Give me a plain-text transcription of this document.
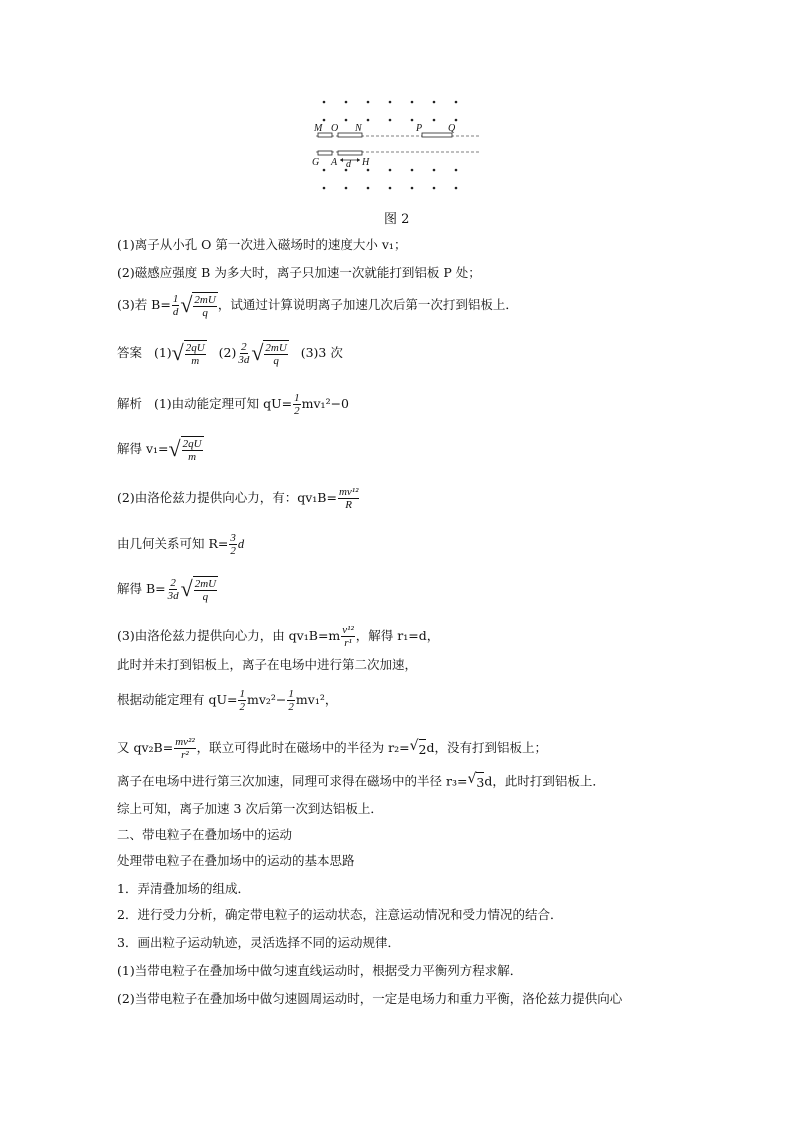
M O N	P	Q
G A d H
图 2
(1)离子从小孔 O 第一次进入磁场时的速度大小 v₁；
(2)磁感应强度 B 为多大时，离子只加速一次就能打到铝板 P 处；
(3)若 $B= \frac{1}{d}$ √ $\frac{2mU}{q}$ ，试通过计算说明离子加速几次后第一次打到铝板上．
答案 (1) √ $\frac{2qU}{m} (2) \frac{2}{3d}$ √ $\frac{2mU}{q} (3)3$ 次
解析 (1)由动能定理可知 $qU= \frac{1}{2} mv_1^2-0$
解得 v₁= √ $\frac{2qU}{m}$
(2)由洛伦兹力提供向心力，有：$qv_1B= \frac{\text{mv¹²}}{R}$
由几何关系可知 $R= \frac{3}{2}$ d
解得 $B= \frac{2}{3d}$ √ $\frac{2mU}{q}$
(3)由洛伦兹力提供向心力，由 $qv_1B=m \frac{\text{v¹²}}{\text{r¹}}$ ，解得 r₁=d，
此时并未打到铝板上，离子在电场中进行第二次加速，
根据动能定理有 $qU= \frac{1}{2} mv_2^2- \frac{1}{2} mv_1^2$，
又 $qv_2B= \frac{\text{mv²²}}{\text{r²}}$ ，联立可得此时在磁场中的半径为 r₂= √ 2 d，没有打到铝板上；
离子在电场中进行第三次加速，同理可求得在磁场中的半径 r₃= √ 3 d，此时打到铝板上．
综上可知，离子加速 3 次后第一次到达铝板上．
二、带电粒子在叠加场中的运动
处理带电粒子在叠加场中的运动的基本思路
1．弄清叠加场的组成．
2．进行受力分析，确定带电粒子的运动状态，注意运动情况和受力情况的结合．
3．画出粒子运动轨迹，灵活选择不同的运动规律．
(1)当带电粒子在叠加场中做匀速直线运动时，根据受力平衡列方程求解．
(2)当带电粒子在叠加场中做匀速圆周运动时，一定是电场力和重力平衡，洛伦兹力提供向心
